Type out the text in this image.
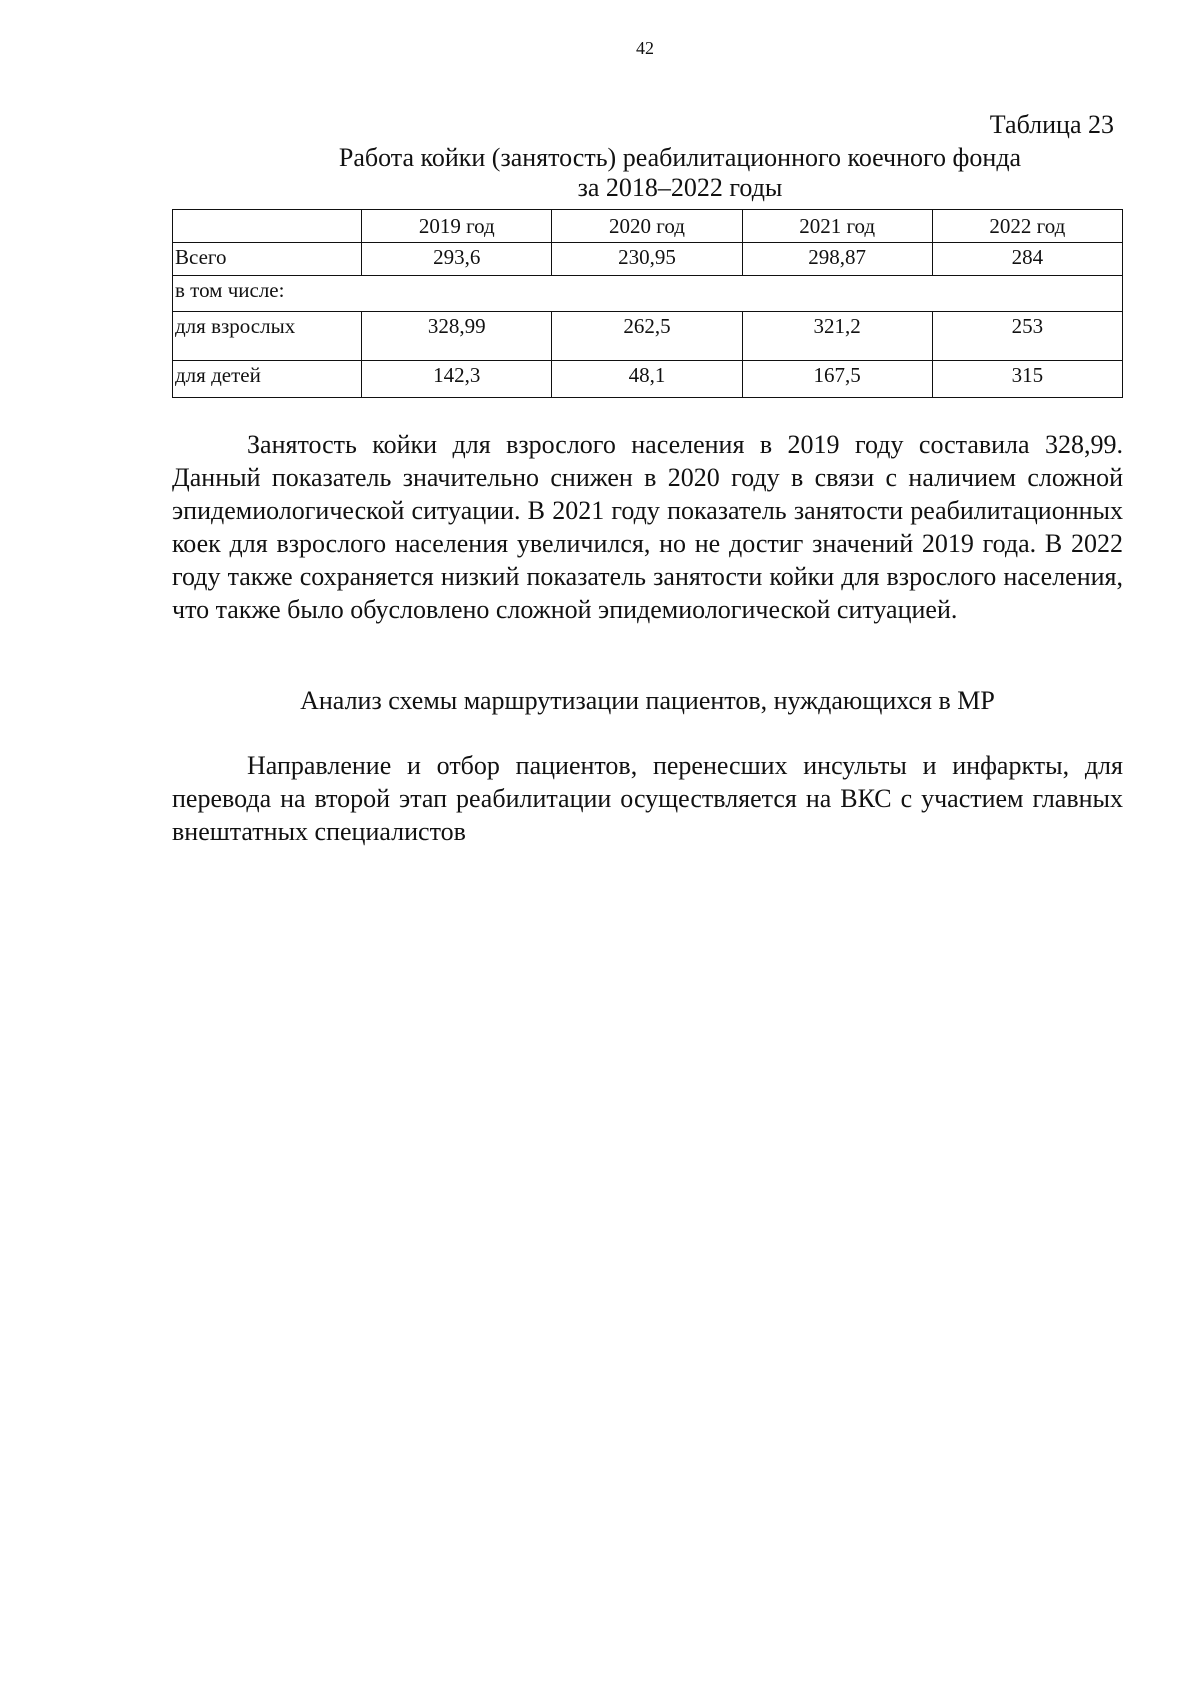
42
Таблица 23
Работа койки (занятость) реабилитационного коечного фонда
за 2018–2022 годы
	2019 год	2020 год	2021 год	2022 год
Всего	293,6	230,95	298,87	284
в том числе:				
для взрослых	328,99	262,5	321,2	253
для детей	142,3	48,1	167,5	315

Занятость койки для взрослого населения в 2019 году составила 328,99. Данный показатель значительно снижен в 2020 году в связи с наличием сложной эпидемиологической ситуации. В 2021 году показатель занятости реабилитационных коек для взрослого населения увеличился, но не достиг значений 2019 года. В 2022 году также сохраняется низкий показатель занятости койки для взрослого населения, что также было обусловлено сложной эпидемиологической ситуацией.

Анализ схемы маршрутизации пациентов, нуждающихся в МР

Направление и отбор пациентов, перенесших инсульты и инфаркты, для перевода на второй этап реабилитации осуществляется на ВКС с участием главных внештатных специалистов
